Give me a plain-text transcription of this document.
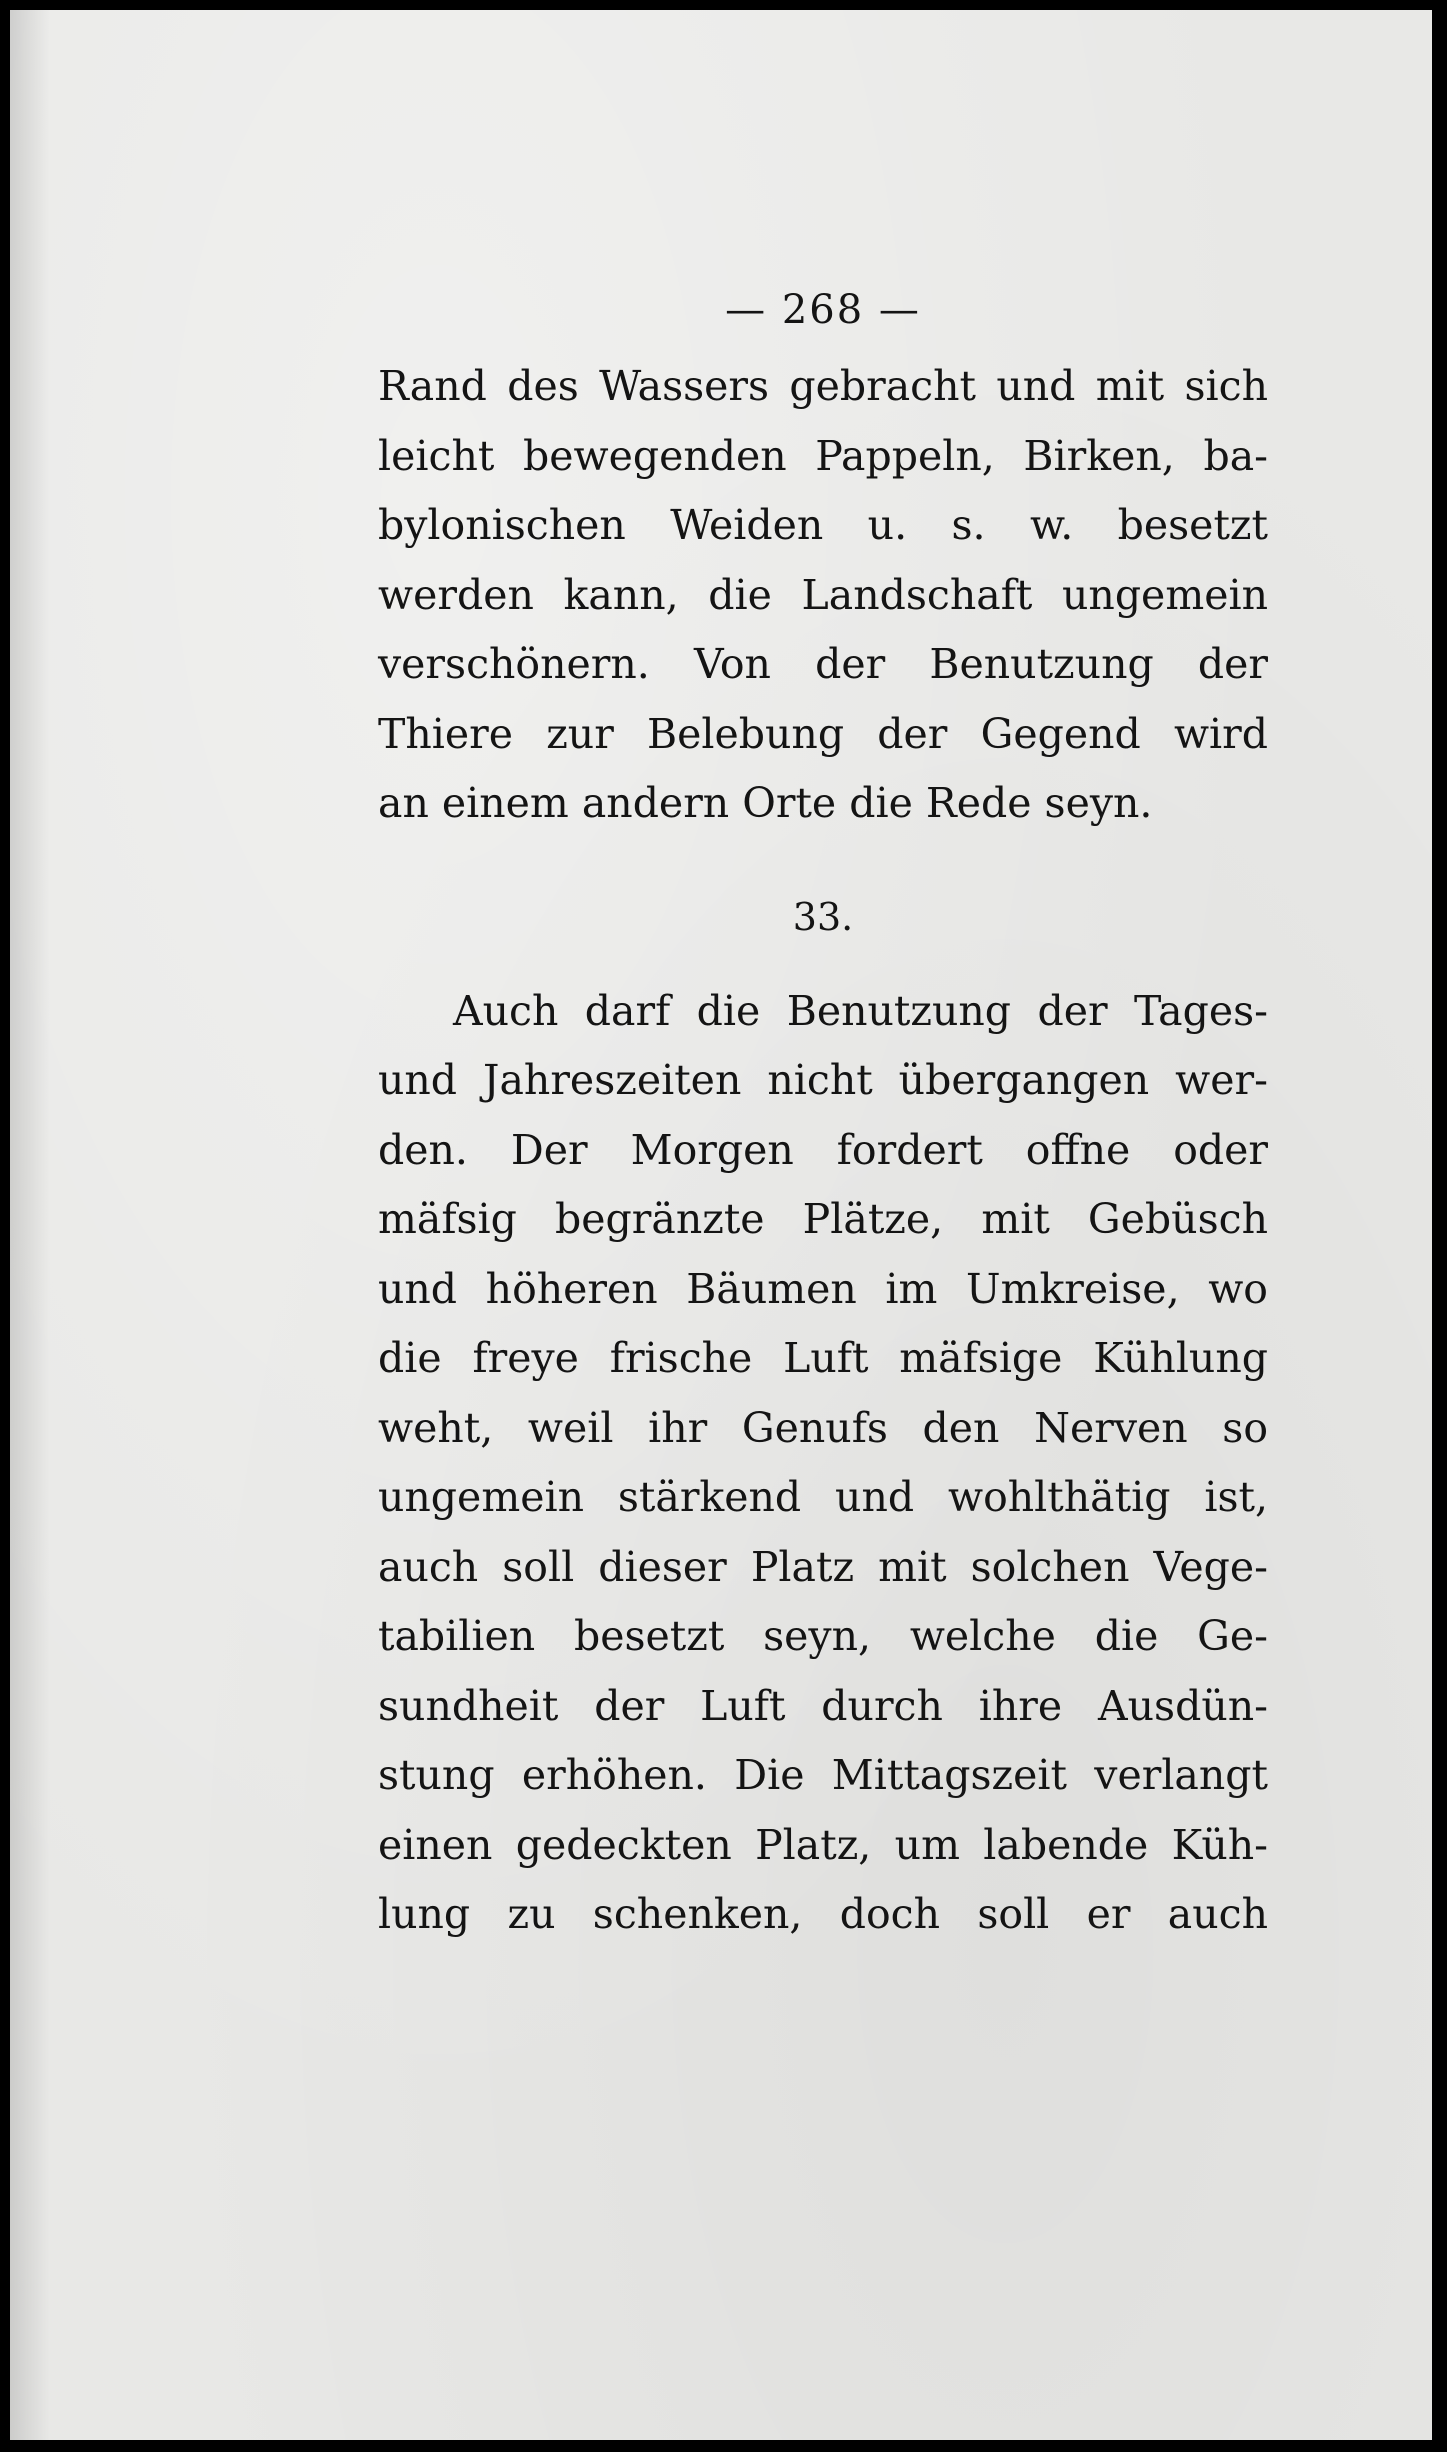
— 268 —
Rand des Wassers gebracht und mit sich
leicht bewegenden Pappeln, Birken, ba-
bylonischen Weiden u. s. w. besetzt
werden kann, die Landschaft ungemein
verschönern. Von der Benutzung der
Thiere zur Belebung der Gegend wird
an einem andern Orte die Rede seyn.
33.
Auch darf die Benutzung der Tages-
und Jahreszeiten nicht übergangen wer-
den. Der Morgen fordert offne oder
mäfsig begränzte Plätze, mit Gebüsch
und höheren Bäumen im Umkreise, wo
die freye frische Luft mäfsige Kühlung
weht, weil ihr Genufs den Nerven so
ungemein stärkend und wohlthätig ist,
auch soll dieser Platz mit solchen Vege-
tabilien besetzt seyn, welche die Ge-
sundheit der Luft durch ihre Ausdün-
stung erhöhen. Die Mittagszeit verlangt
einen gedeckten Platz, um labende Küh-
lung zu schenken, doch soll er auch
